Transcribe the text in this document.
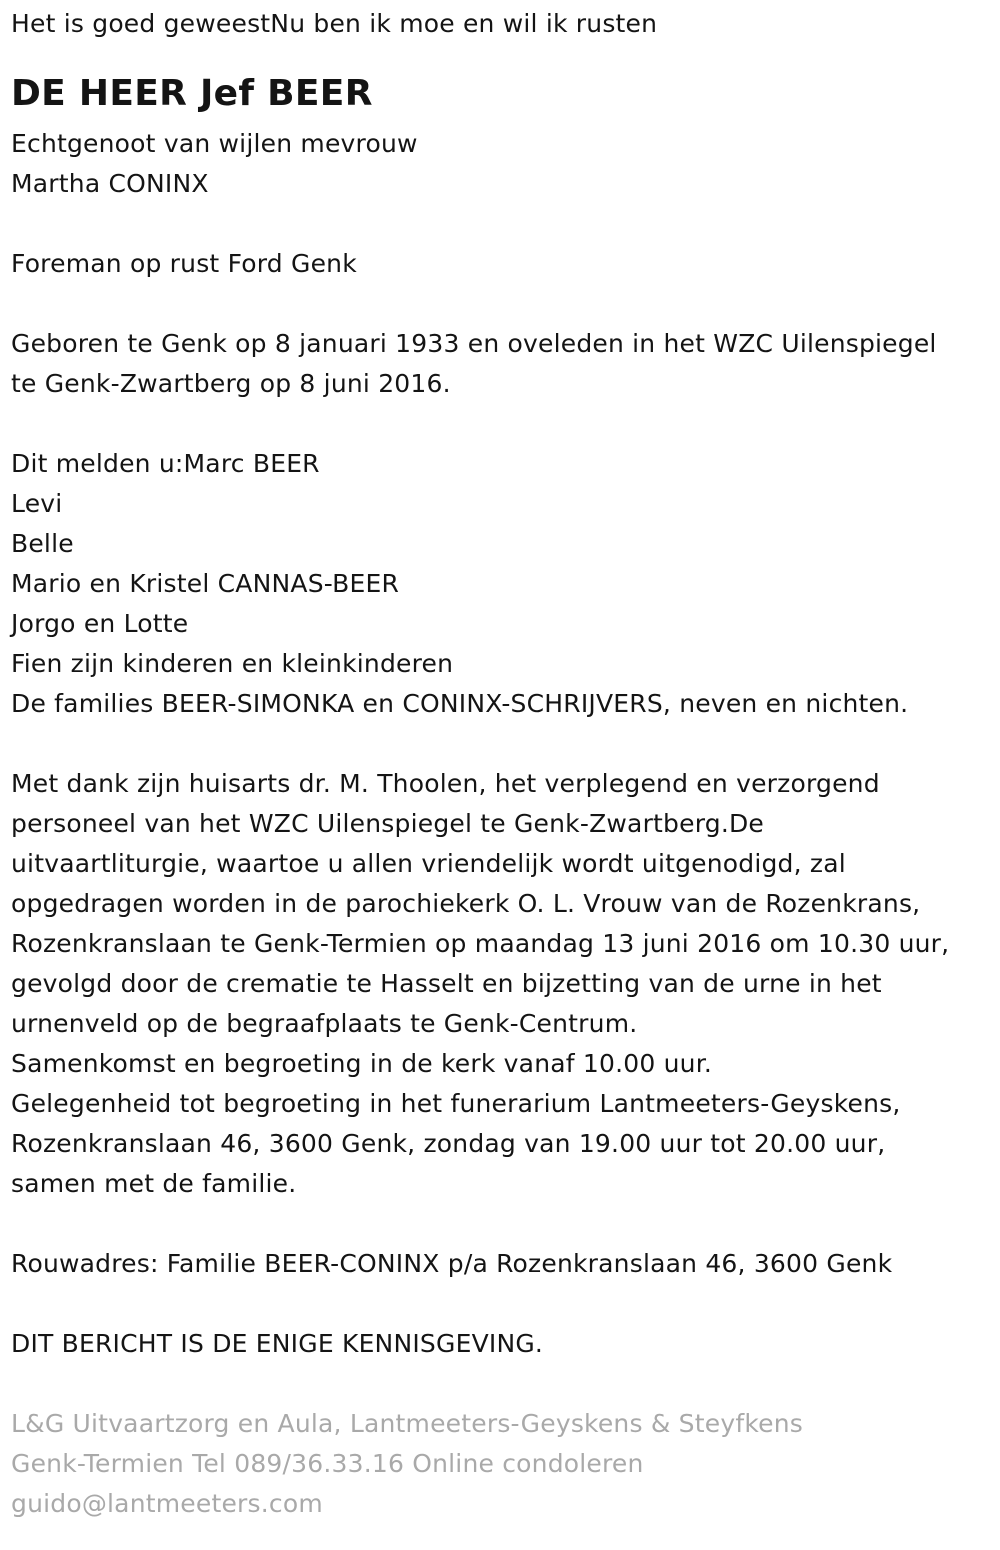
Het is goed geweestNu ben ik moe en wil ik rusten
DE HEER Jef BEER
Echtgenoot van wijlen mevrouw
Martha CONINX
Foreman op rust Ford Genk
Geboren te Genk op 8 januari 1933 en oveleden in het WZC Uilenspiegel
te Genk-Zwartberg op 8 juni 2016.
Dit melden u:Marc BEER
Levi
Belle
Mario en Kristel CANNAS-BEER
Jorgo en Lotte
Fien zijn kinderen en kleinkinderen
De families BEER-SIMONKA en CONINX-SCHRIJVERS, neven en nichten.
Met dank zijn huisarts dr. M. Thoolen, het verplegend en verzorgend
personeel van het WZC Uilenspiegel te Genk-Zwartberg.De
uitvaartliturgie, waartoe u allen vriendelijk wordt uitgenodigd, zal
opgedragen worden in de parochiekerk O. L. Vrouw van de Rozenkrans,
Rozenkranslaan te Genk-Termien op maandag 13 juni 2016 om 10.30 uur,
gevolgd door de crematie te Hasselt en bijzetting van de urne in het
urnenveld op de begraafplaats te Genk-Centrum.
Samenkomst en begroeting in de kerk vanaf 10.00 uur.
Gelegenheid tot begroeting in het funerarium Lantmeeters-Geyskens,
Rozenkranslaan 46, 3600 Genk, zondag van 19.00 uur tot 20.00 uur,
samen met de familie.
Rouwadres: Familie BEER-CONINX p/a Rozenkranslaan 46, 3600 Genk
DIT BERICHT IS DE ENIGE KENNISGEVING.
L&G Uitvaartzorg en Aula, Lantmeeters-Geyskens & Steyfkens
Genk-Termien Tel 089/36.33.16 Online condoleren
guido@lantmeeters.com
